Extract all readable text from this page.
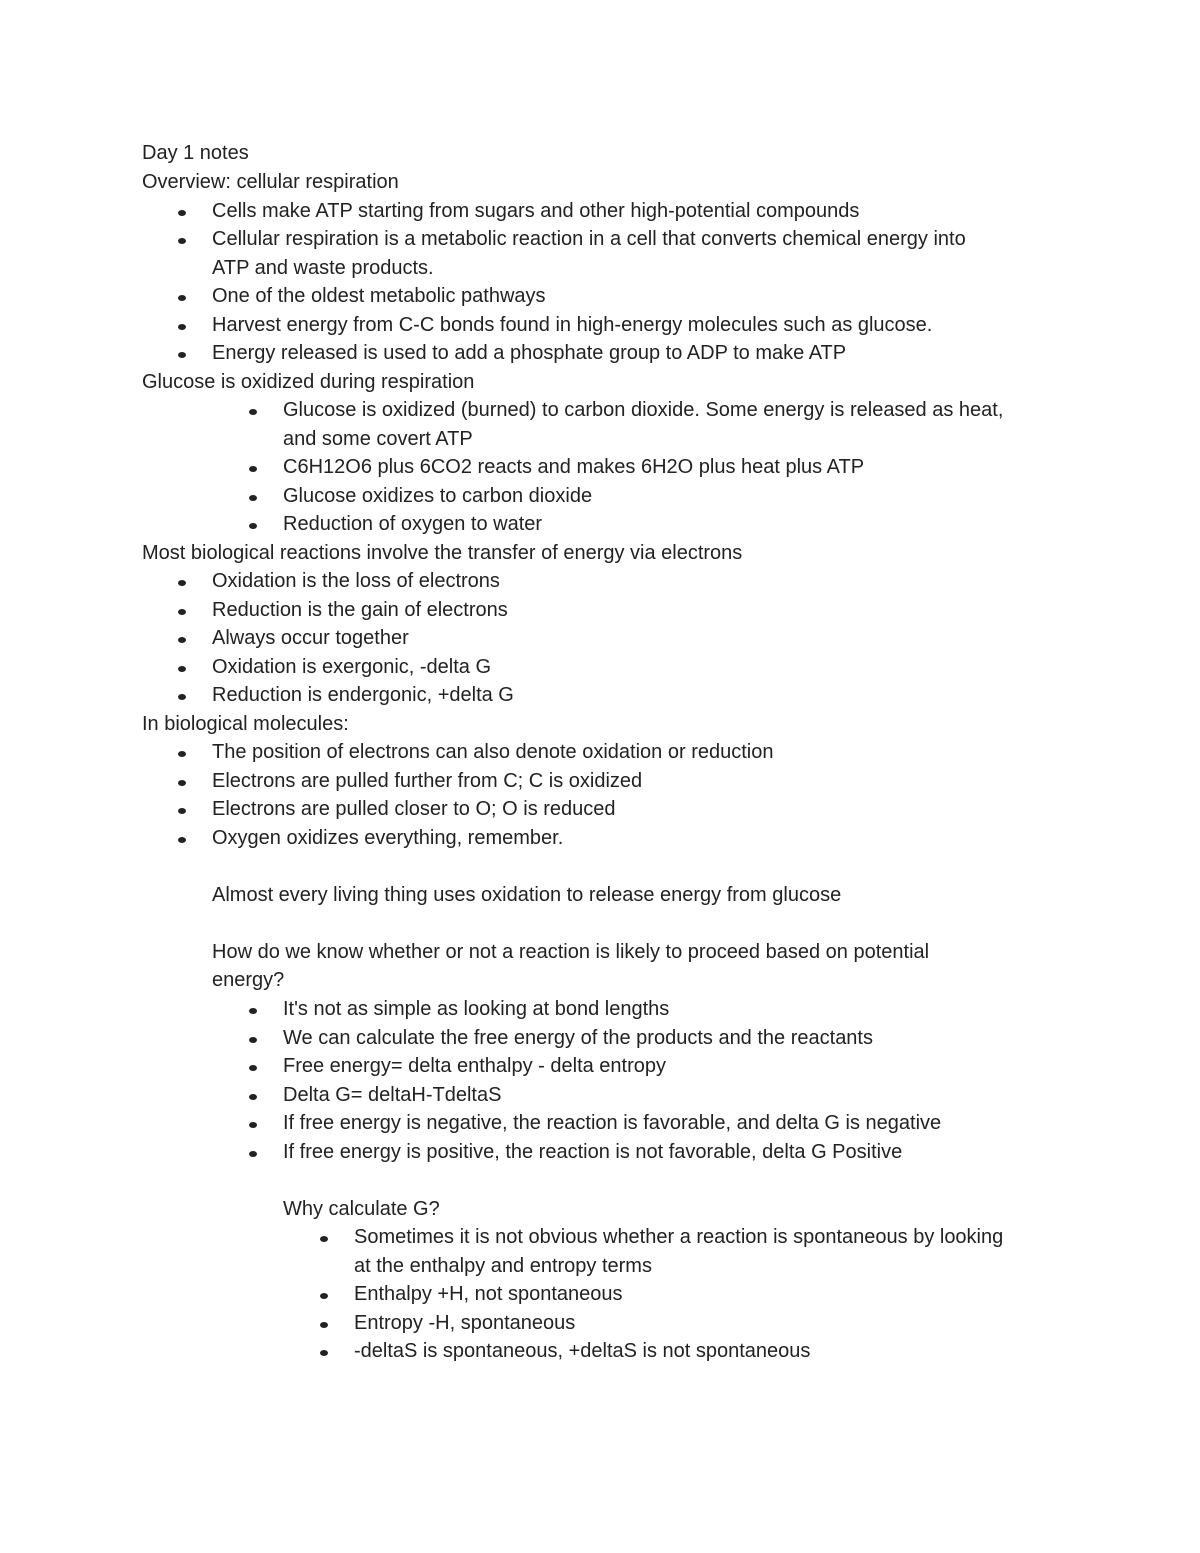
Day 1 notes
Overview: cellular respiration
Cells make ATP starting from sugars and other high-potential compounds
Cellular respiration is a metabolic reaction in a cell that converts chemical energy into
ATP and waste products.
One of the oldest metabolic pathways
Harvest energy from C-C bonds found in high-energy molecules such as glucose.
Energy released is used to add a phosphate group to ADP to make ATP
Glucose is oxidized during respiration
Glucose is oxidized (burned) to carbon dioxide. Some energy is released as heat,
and some covert ATP
C6H12O6 plus 6CO2 reacts and makes 6H2O plus heat plus ATP
Glucose oxidizes to carbon dioxide
Reduction of oxygen to water
Most biological reactions involve the transfer of energy via electrons
Oxidation is the loss of electrons
Reduction is the gain of electrons
Always occur together
Oxidation is exergonic, -delta G
Reduction is endergonic, +delta G
In biological molecules:
The position of electrons can also denote oxidation or reduction
Electrons are pulled further from C; C is oxidized
Electrons are pulled closer to O; O is reduced
Oxygen oxidizes everything, remember.
Almost every living thing uses oxidation to release energy from glucose
How do we know whether or not a reaction is likely to proceed based on potential
energy?
It's not as simple as looking at bond lengths
We can calculate the free energy of the products and the reactants
Free energy= delta enthalpy - delta entropy
Delta G= deltaH-TdeltaS
If free energy is negative, the reaction is favorable, and delta G is negative
If free energy is positive, the reaction is not favorable, delta G Positive
Why calculate G?
Sometimes it is not obvious whether a reaction is spontaneous by looking
at the enthalpy and entropy terms
Enthalpy +H, not spontaneous
Entropy -H, spontaneous
-deltaS is spontaneous, +deltaS is not spontaneous
